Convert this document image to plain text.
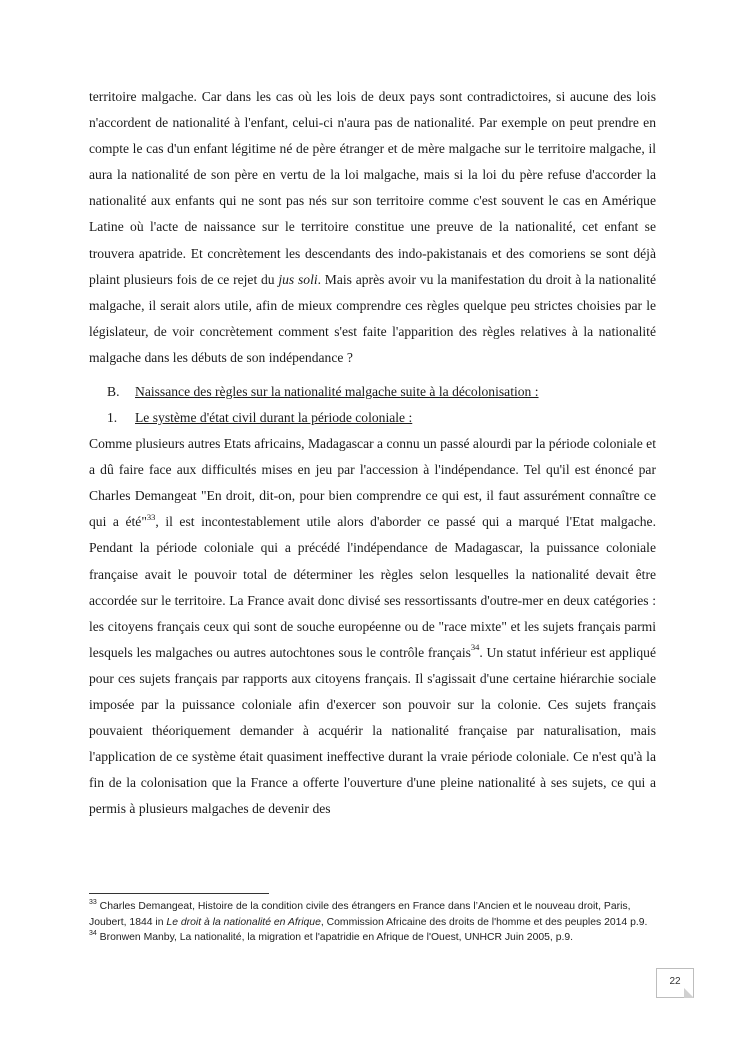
territoire malgache. Car dans les cas où les lois de deux pays sont contradictoires, si aucune des lois n'accordent de nationalité à l'enfant, celui-ci n'aura pas de nationalité. Par exemple on peut prendre en compte le cas d'un enfant légitime né de père étranger et de mère malgache sur le territoire malgache, il aura la nationalité de son père en vertu de la loi malgache, mais si la loi du père refuse d'accorder la nationalité aux enfants qui ne sont pas nés sur son territoire comme c'est souvent le cas en Amérique Latine où l'acte de naissance sur le territoire constitue une preuve de la nationalité, cet enfant se trouvera apatride. Et concrètement les descendants des indo-pakistanais et des comoriens se sont déjà plaint plusieurs fois de ce rejet du jus soli. Mais après avoir vu la manifestation du droit à la nationalité malgache, il serait alors utile, afin de mieux comprendre ces règles quelque peu strictes choisies par le législateur, de voir concrètement comment s'est faite l'apparition des règles relatives à la nationalité malgache dans les débuts de son indépendance ?

B. Naissance des règles sur la nationalité malgache suite à la décolonisation :

1. Le système d'état civil durant la période coloniale :

Comme plusieurs autres Etats africains, Madagascar a connu un passé alourdi par la période coloniale et a dû faire face aux difficultés mises en jeu par l'accession à l'indépendance. Tel qu'il est énoncé par Charles Demangeat "En droit, dit-on, pour bien comprendre ce qui est, il faut assurément connaître ce qui a été"$^{33}$, il est incontestablement utile alors d'aborder ce passé qui a marqué l'Etat malgache. Pendant la période coloniale qui a précédé l'indépendance de Madagascar, la puissance coloniale française avait le pouvoir total de déterminer les règles selon lesquelles la nationalité devait être accordée sur le territoire. La France avait donc divisé ses ressortissants d'outre-mer en deux catégories : les citoyens français ceux qui sont de souche européenne ou de "race mixte" et les sujets français parmi lesquels les malgaches ou autres autochtones sous le contrôle français$^{34}$. Un statut inférieur est appliqué pour ces sujets français par rapports aux citoyens français. Il s'agissait d'une certaine hiérarchie sociale imposée par la puissance coloniale afin d'exercer son pouvoir sur la colonie. Ces sujets français pouvaient théoriquement demander à acquérir la nationalité française par naturalisation, mais l'application de ce système était quasiment ineffective durant la vraie période coloniale. Ce n'est qu'à la fin de la colonisation que la France a offerte l'ouverture d'une pleine nationalité à ses sujets, ce qui a permis à plusieurs malgaches de devenir des

$^{33}$ Charles Demangeat, Histoire de la condition civile des étrangers en France dans l’Ancien et le nouveau droit, Paris, Joubert, 1844 in Le droit à la nationalité en Afrique, Commission Africaine des droits de l'homme et des peuples 2014 p.9.

$^{34}$ Bronwen Manby, La nationalité, la migration et l'apatridie en Afrique de l'Ouest, UNHCR Juin 2005, p.9.

22
